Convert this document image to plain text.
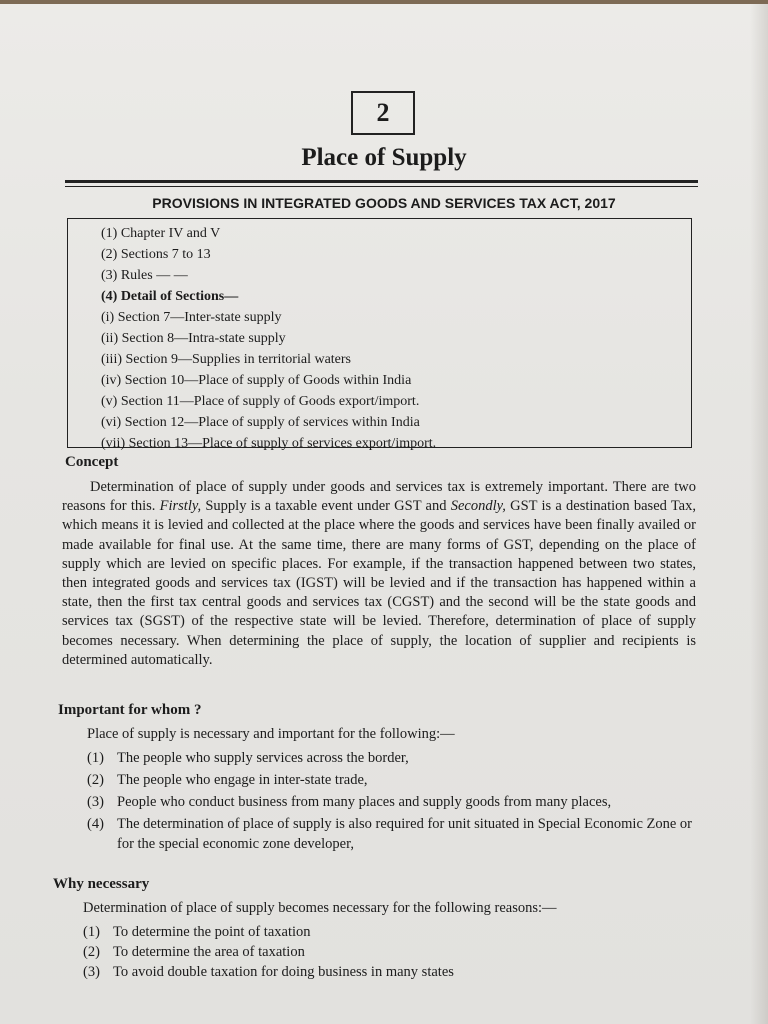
2
Place of Supply
PROVISIONS IN INTEGRATED GOODS AND SERVICES TAX ACT, 2017
(1) Chapter IV and V
(2) Sections 7 to 13
(3) Rules — —
(4) Detail of Sections—
(i) Section 7—Inter-state supply
(ii) Section 8—Intra-state supply
(iii) Section 9—Supplies in territorial waters
(iv) Section 10—Place of supply of Goods within India
(v) Section 11—Place of supply of Goods export/import.
(vi) Section 12—Place of supply of services within India
(vii) Section 13—Place of supply of services export/import.
Concept
Determination of place of supply under goods and services tax is extremely important. There are two reasons for this. Firstly, Supply is a taxable event under GST and Secondly, GST is a destination based Tax, which means it is levied and collected at the place where the goods and services have been finally availed or made available for final use. At the same time, there are many forms of GST, depending on the place of supply which are levied on specific places. For example, if the transaction happened between two states, then integrated goods and services tax (IGST) will be levied and if the transaction has happened within a state, then the first tax central goods and services tax (CGST) and the second will be the state goods and services tax (SGST) of the respective state will be levied. Therefore, determination of place of supply becomes necessary. When determining the place of supply, the location of supplier and recipients is determined automatically.
Important for whom ?
Place of supply is necessary and important for the following:—
(1) The people who supply services across the border,
(2) The people who engage in inter-state trade,
(3) People who conduct business from many places and supply goods from many places,
(4) The determination of place of supply is also required for unit situated in Special Economic Zone or for the special economic zone developer,
Why necessary
Determination of place of supply becomes necessary for the following reasons:—
(1) To determine the point of taxation
(2) To determine the area of taxation
(3) To avoid double taxation for doing business in many states
